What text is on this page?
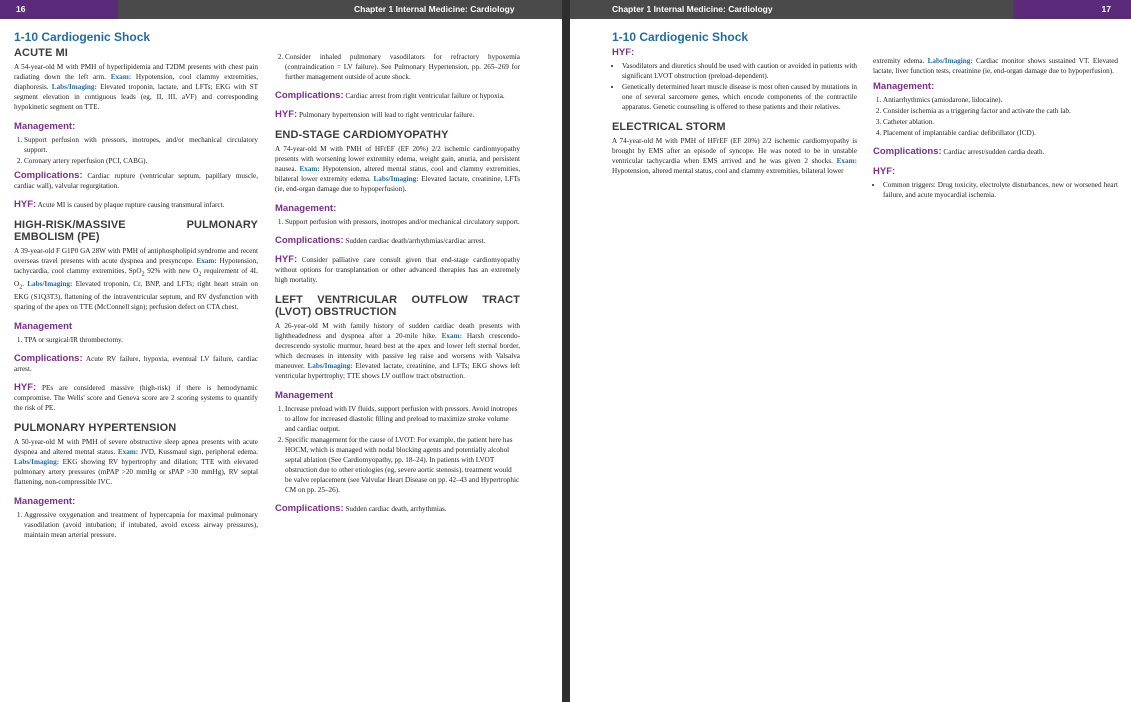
16	Chapter 1 Internal Medicine: Cardiology
1-10 Cardiogenic Shock
ACUTE MI

A 54-year-old M with PMH of hyperlipidemia and T2DM presents with chest pain radiating down the left arm. Exam: Hypotension, cool clammy extremities, diaphoresis. Labs/Imaging: Elevated troponin, lactate, and LFTs; EKG with ST segment elevation in contiguous leads (eg, II, III, aVF) and corresponding hypokinetic segment on TTE.

Management:
1. Support perfusion with pressors, inotropes, and/or mechanical circulatory support.
2. Coronary artery reperfusion (PCI, CABG).

Complications: Cardiac rupture (ventricular septum, papillary muscle, cardiac wall), valvular regurgitation.

HYF: Acute MI is caused by plaque rupture causing transmural infarct.

HIGH-RISK/MASSIVE PULMONARY EMBOLISM (PE)

A 39-year-old F G1P0 GA 28W with PMH of antiphospholipid syndrome and recent overseas travel presents with acute dyspnea and presyncope. Exam: Hypotension, tachycardia, cool clammy extremities, SpO$_2$ 92% with new $O_2$ requirement of 4L $O_2$. Labs/Imaging: Elevated troponin, Cr, BNP, and LFTs; right heart strain on EKG (S1Q3T3), flattening of the intraventricular septum, and RV dysfunction with sparing of the apex on TTE (McConnell sign); perfusion defect on CTA chest.

Management
1. TPA or surgical/IR thrombectomy.

Complications: Acute RV failure, hypoxia, eventual LV failure, cardiac arrest.

HYF: PEs are considered massive (high-risk) if there is hemodynamic compromise. The Wells' score and Geneva score are 2 scoring systems to quantify the risk of PE.

PULMONARY HYPERTENSION

A 50-year-old M with PMH of severe obstructive sleep apnea presents with acute dyspnea and altered mental status. Exam: JVD, Kussmaul sign, peripheral edema. Labs/Imaging: EKG showing RV hypertrophy and dilation; TTE with elevated pulmonary artery pressures (mPAP >20 mmHg or sPAP >30 mmHg), RV septal flattening, non-compressible IVC.

Management:
1. Aggressive oxygenation and treatment of hypercapnia for maximal pulmonary vasodilation (avoid intubation; if intubated, avoid excess airway pressures), maintain mean arterial pressure.
2. Consider inhaled pulmonary vasodilators for refractory hypoxemia (contraindication = LV failure). See Pulmonary Hypertension, pp. 265–269 for further management outside of acute shock.

Complications: Cardiac arrest from right ventricular failure or hypoxia.

HYF: Pulmonary hypertension will lead to right ventricular failure.

END-STAGE CARDIOMYOPATHY

A 74-year-old M with PMH of HFrEF (EF 20%) 2/2 ischemic cardiomyopathy presents with worsening lower extremity edema, weight gain, anuria, and persistent nausea. Exam: Hypotension, altered mental status, cool and clammy extremities, bilateral lower extremity edema. Labs/Imaging: Elevated lactate, creatinine, LFTs (ie, end-organ damage due to hypoperfusion).

Management:
1. Support perfusion with pressors, inotropes and/or mechanical circulatory support.

Complications: Sudden cardiac death/arrhythmias/cardiac arrest.

HYF: Consider palliative care consult given that end-stage cardiomyopathy without options for transplantation or other advanced therapies has an extremely high mortality.

LEFT VENTRICULAR OUTFLOW TRACT (LVOT) OBSTRUCTION

A 26-year-old M with family history of sudden cardiac death presents with lightheadedness and dyspnea after a 20-mile hike. Exam: Harsh crescendo-decrescendo systolic murmur, heard best at the apex and lower left sternal border, which decreases in intensity with passive leg raise and worsens with Valsalva maneuver. Labs/Imaging: Elevated lactate, creatinine, and LFTs; EKG shows left ventricular hypertrophy; TTE shows LV outflow tract obstruction.

Management
1. Increase preload with IV fluids, support perfusion with pressors. Avoid inotropes to allow for increased diastolic filling and preload to maximize stroke volume and cardiac output.
2. Specific management for the cause of LVOT: For example, the patient here has HOCM, which is managed with nodal blocking agents and potentially alcohol septal ablation (See Cardiomyopathy, pp. 18–24). In patients with LVOT obstruction due to other etiologies (eg, severe aortic stenosis), treatment would be valve replacement (see Valvular Heart Disease on pp. 42–43 and Hypertrophic CM on pp. 25–26).

Complications: Sudden cardiac death, arrhythmias.

Chapter 1 Internal Medicine: Cardiology	17
1-10 Cardiogenic Shock
HYF:
• Vasodilators and diuretics should be used with caution or avoided in patients with significant LVOT obstruction (preload-dependent).
• Genetically determined heart muscle disease is most often caused by mutations in one of several sarcomere genes, which encode components of the contractile apparatus. Genetic counseling is offered to these patients and their relatives.
ELECTRICAL STORM

A 74-year-old M with PMH of HFrEF (EF 20%) 2/2 ischemic cardiomyopathy is brought by EMS after an episode of syncope. He was noted to be in unstable ventricular tachycardia when EMS arrived and he was given 2 shocks. Exam: Hypotension, altered mental status, cool and clammy extremities, bilateral lower

extremity edema. Labs/Imaging: Cardiac monitor shows sustained VT. Elevated lactate, liver function tests, creatinine (ie, end-organ damage due to hypoperfusion).

Management:
1. Antiarrhythmics (amiodarone, lidocaine).
2. Consider ischemia as a triggering factor and activate the cath lab.
3. Catheter ablation.
4. Placement of implantable cardiac defibrillator (ICD).

Complications: Cardiac arrest/sudden cardia death.

HYF:
• Common triggers: Drug toxicity, electrolyte disturbances, new or worsened heart failure, and acute myocardial ischemia.
